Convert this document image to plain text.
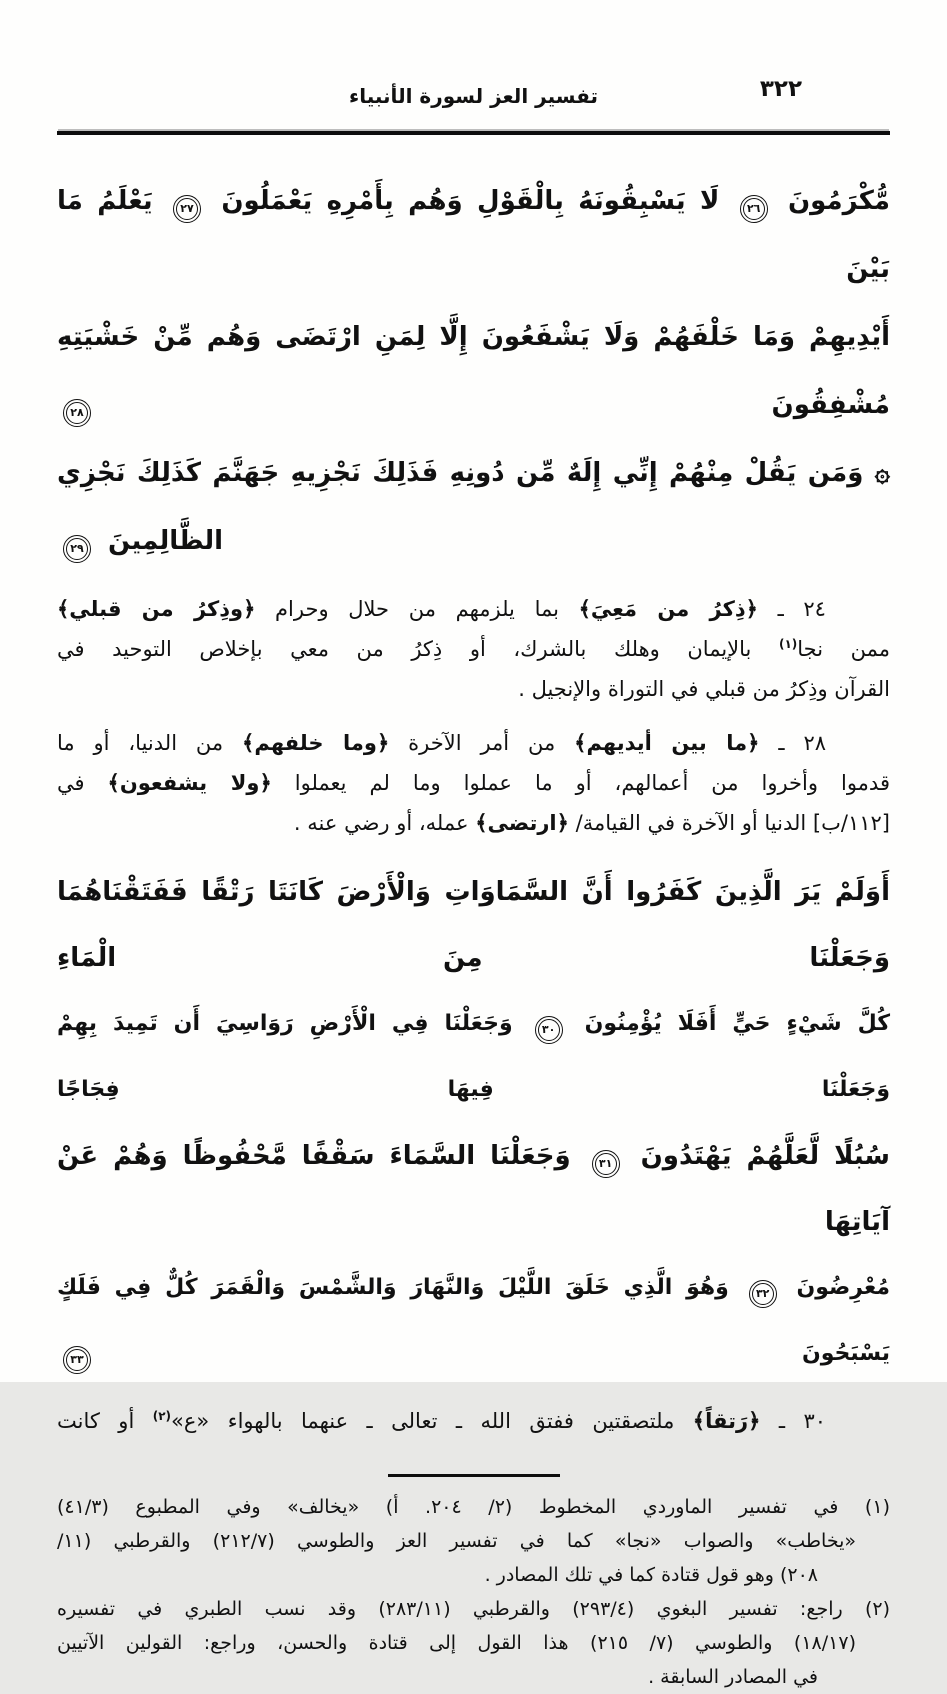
٣٢٢
تفسير العز لسورة الأنبياء
مُّكْرَمُونَ ٢٦ لَا يَسْبِقُونَهُ بِالْقَوْلِ وَهُم بِأَمْرِهِ يَعْمَلُونَ ٢٧ يَعْلَمُ مَا بَيْنَ
أَيْدِيهِمْ وَمَا خَلْفَهُمْ وَلَا يَشْفَعُونَ إِلَّا لِمَنِ ارْتَضَى وَهُم مِّنْ خَشْيَتِهِ مُشْفِقُونَ ٢٨
۞ وَمَن يَقُلْ مِنْهُمْ إِنِّي إِلَهٌ مِّن دُونِهِ فَذَلِكَ نَجْزِيهِ جَهَنَّمَ كَذَلِكَ نَجْزِي
الظَّالِمِينَ ٢٩
٢٤ ـ ﴿ذِكرُ من مَعِيَ﴾ بما يلزمهم من حلال وحرام ﴿وذِكرُ من قبلي﴾
ممن نجا$^{(١)}$ بالإيمان وهلك بالشرك، أو ذِكرُ من معي بإخلاص التوحيد في
القرآن وذِكرُ من قبلي في التوراة والإنجيل .
٢٨ ـ ﴿ما بين أيديهم﴾ من أمر الآخرة ﴿وما خلفهم﴾ من الدنيا، أو ما
قدموا وأخروا من أعمالهم، أو ما عملوا وما لم يعملوا ﴿ولا يشفعون﴾ في
[١١٢/ب] الدنيا أو الآخرة في القيامة/ ﴿ارتضى﴾ عمله، أو رضي عنه .
أَوَلَمْ يَرَ الَّذِينَ كَفَرُوا أَنَّ السَّمَاوَاتِ وَالْأَرْضَ كَانَتَا رَتْقًا فَفَتَقْنَاهُمَا وَجَعَلْنَا مِنَ الْمَاءِ
كُلَّ شَيْءٍ حَيٍّ أَفَلَا يُؤْمِنُونَ ٣٠ وَجَعَلْنَا فِي الْأَرْضِ رَوَاسِيَ أَن تَمِيدَ بِهِمْ وَجَعَلْنَا فِيهَا فِجَاجًا
سُبُلًا لَّعَلَّهُمْ يَهْتَدُونَ ٣١ وَجَعَلْنَا السَّمَاءَ سَقْفًا مَّحْفُوظًا وَهُمْ عَنْ آيَاتِهَا
مُعْرِضُونَ ٣٢ وَهُوَ الَّذِي خَلَقَ اللَّيْلَ وَالنَّهَارَ وَالشَّمْسَ وَالْقَمَرَ كُلٌّ فِي فَلَكٍ يَسْبَحُونَ ٣٣
٣٠ ـ ﴿رَتقاً﴾ ملتصقتين ففتق الله ـ تعالى ـ عنهما بالهواء «ع»$^{(٢)}$ أو كانت
(١) في تفسير الماوردي المخطوط (٢/ ٢٠٤. أ) «يخالف» وفي المطبوع (٤١/٣)
«يخاطب» والصواب «نجا» كما في تفسير العز والطوسي (٢١٢/٧) والقرطبي (١١/
٢٠٨) وهو قول قتادة كما في تلك المصادر .
(٢) راجع: تفسير البغوي (٢٩٣/٤) والقرطبي (٢٨٣/١١) وقد نسب الطبري في تفسيره
(١٨/١٧) والطوسي (٧/ ٢١٥) هذا القول إلى قتادة والحسن، وراجع: القولين الآتيين
في المصادر السابقة .
